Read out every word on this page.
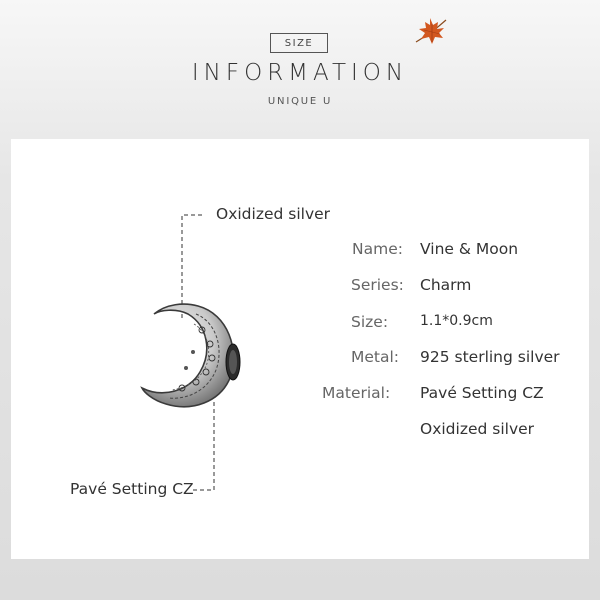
SIZE
INFORMATION
UNIQUE U
Oxidized silver
Pavé Setting CZ
Name: Vine & Moon
Series: Charm
Size: 1.1*0.9cm
Metal: 925 sterling silver
Material: Pavé Setting CZ
Oxidized silver
